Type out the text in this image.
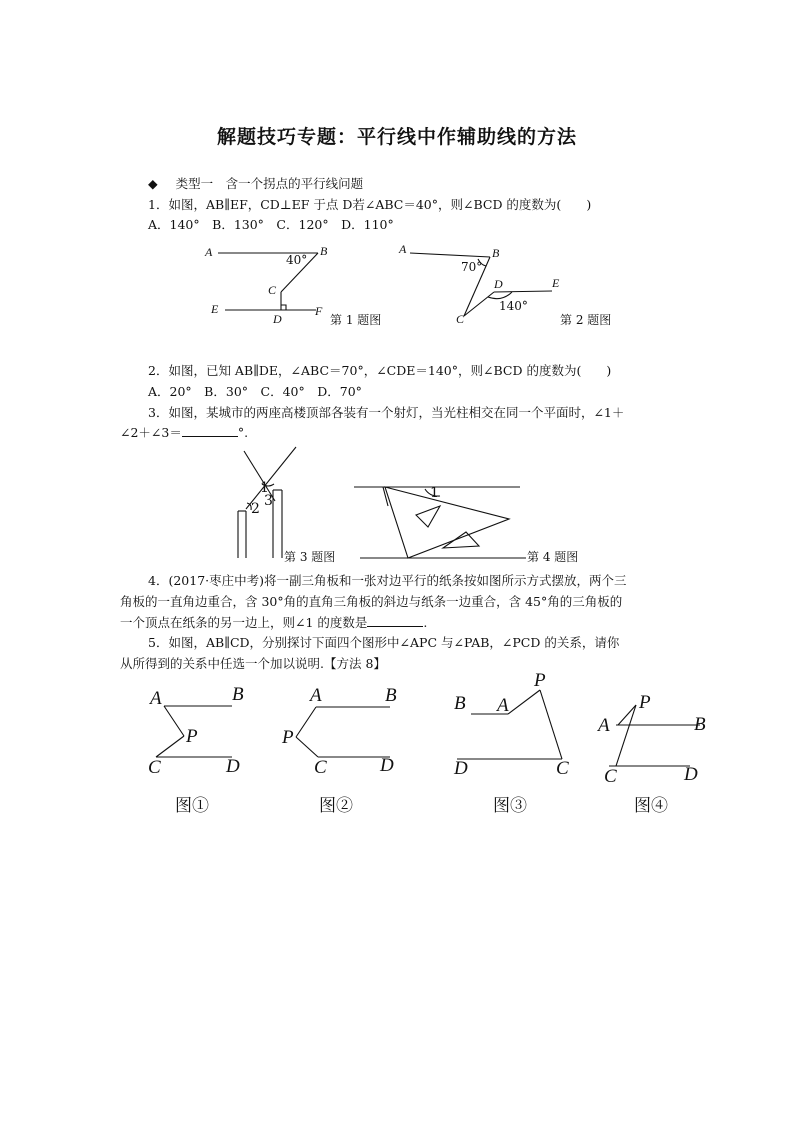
解题技巧专题：平行线中作辅助线的方法
◆ 类型一　含一个拐点的平行线问题
1．如图，AB∥EF，CD⊥EF 于点 D若∠ABC＝40°，则∠BCD 的度数为(　　)
A．140°　B．130°　C．120°　D．110°
A	B
40°
C
E
D
F
第 1 题图
A	B
70°
D	E
140°
C	第 2 题图
2．如图，已知 AB∥DE，∠ABC＝70°，∠CDE＝140°，则∠BCD 的度数为(　　)
A．20°　B．30°　C．40°　D．70°
3．如图，某城市的两座高楼顶部各装有一个射灯，当光柱相交在同一个平面时，∠1＋
∠2＋∠3＝	°.
1
3
2
第 3 题图
1
第 4 题图
4．(2017·枣庄中考)将一副三角板和一张对边平行的纸条按如图所示方式摆放，两个三
角板的一直角边重合，含 30°角的直角三角板的斜边与纸条一边重合，含 45°角的三角板的
一个顶点在纸条的另一边上，则∠1 的度数是	.
5．如图，AB∥CD，分别探讨下面四个图形中∠APC 与∠PAB，∠PCD 的关系，请你
从所得到的关系中任选一个加以说明.【方法 8】
A	B
P
C	D
图①
A	B
P
C	D
图②
B A
P
D	C
图③
A
P
B
C	D
图④
